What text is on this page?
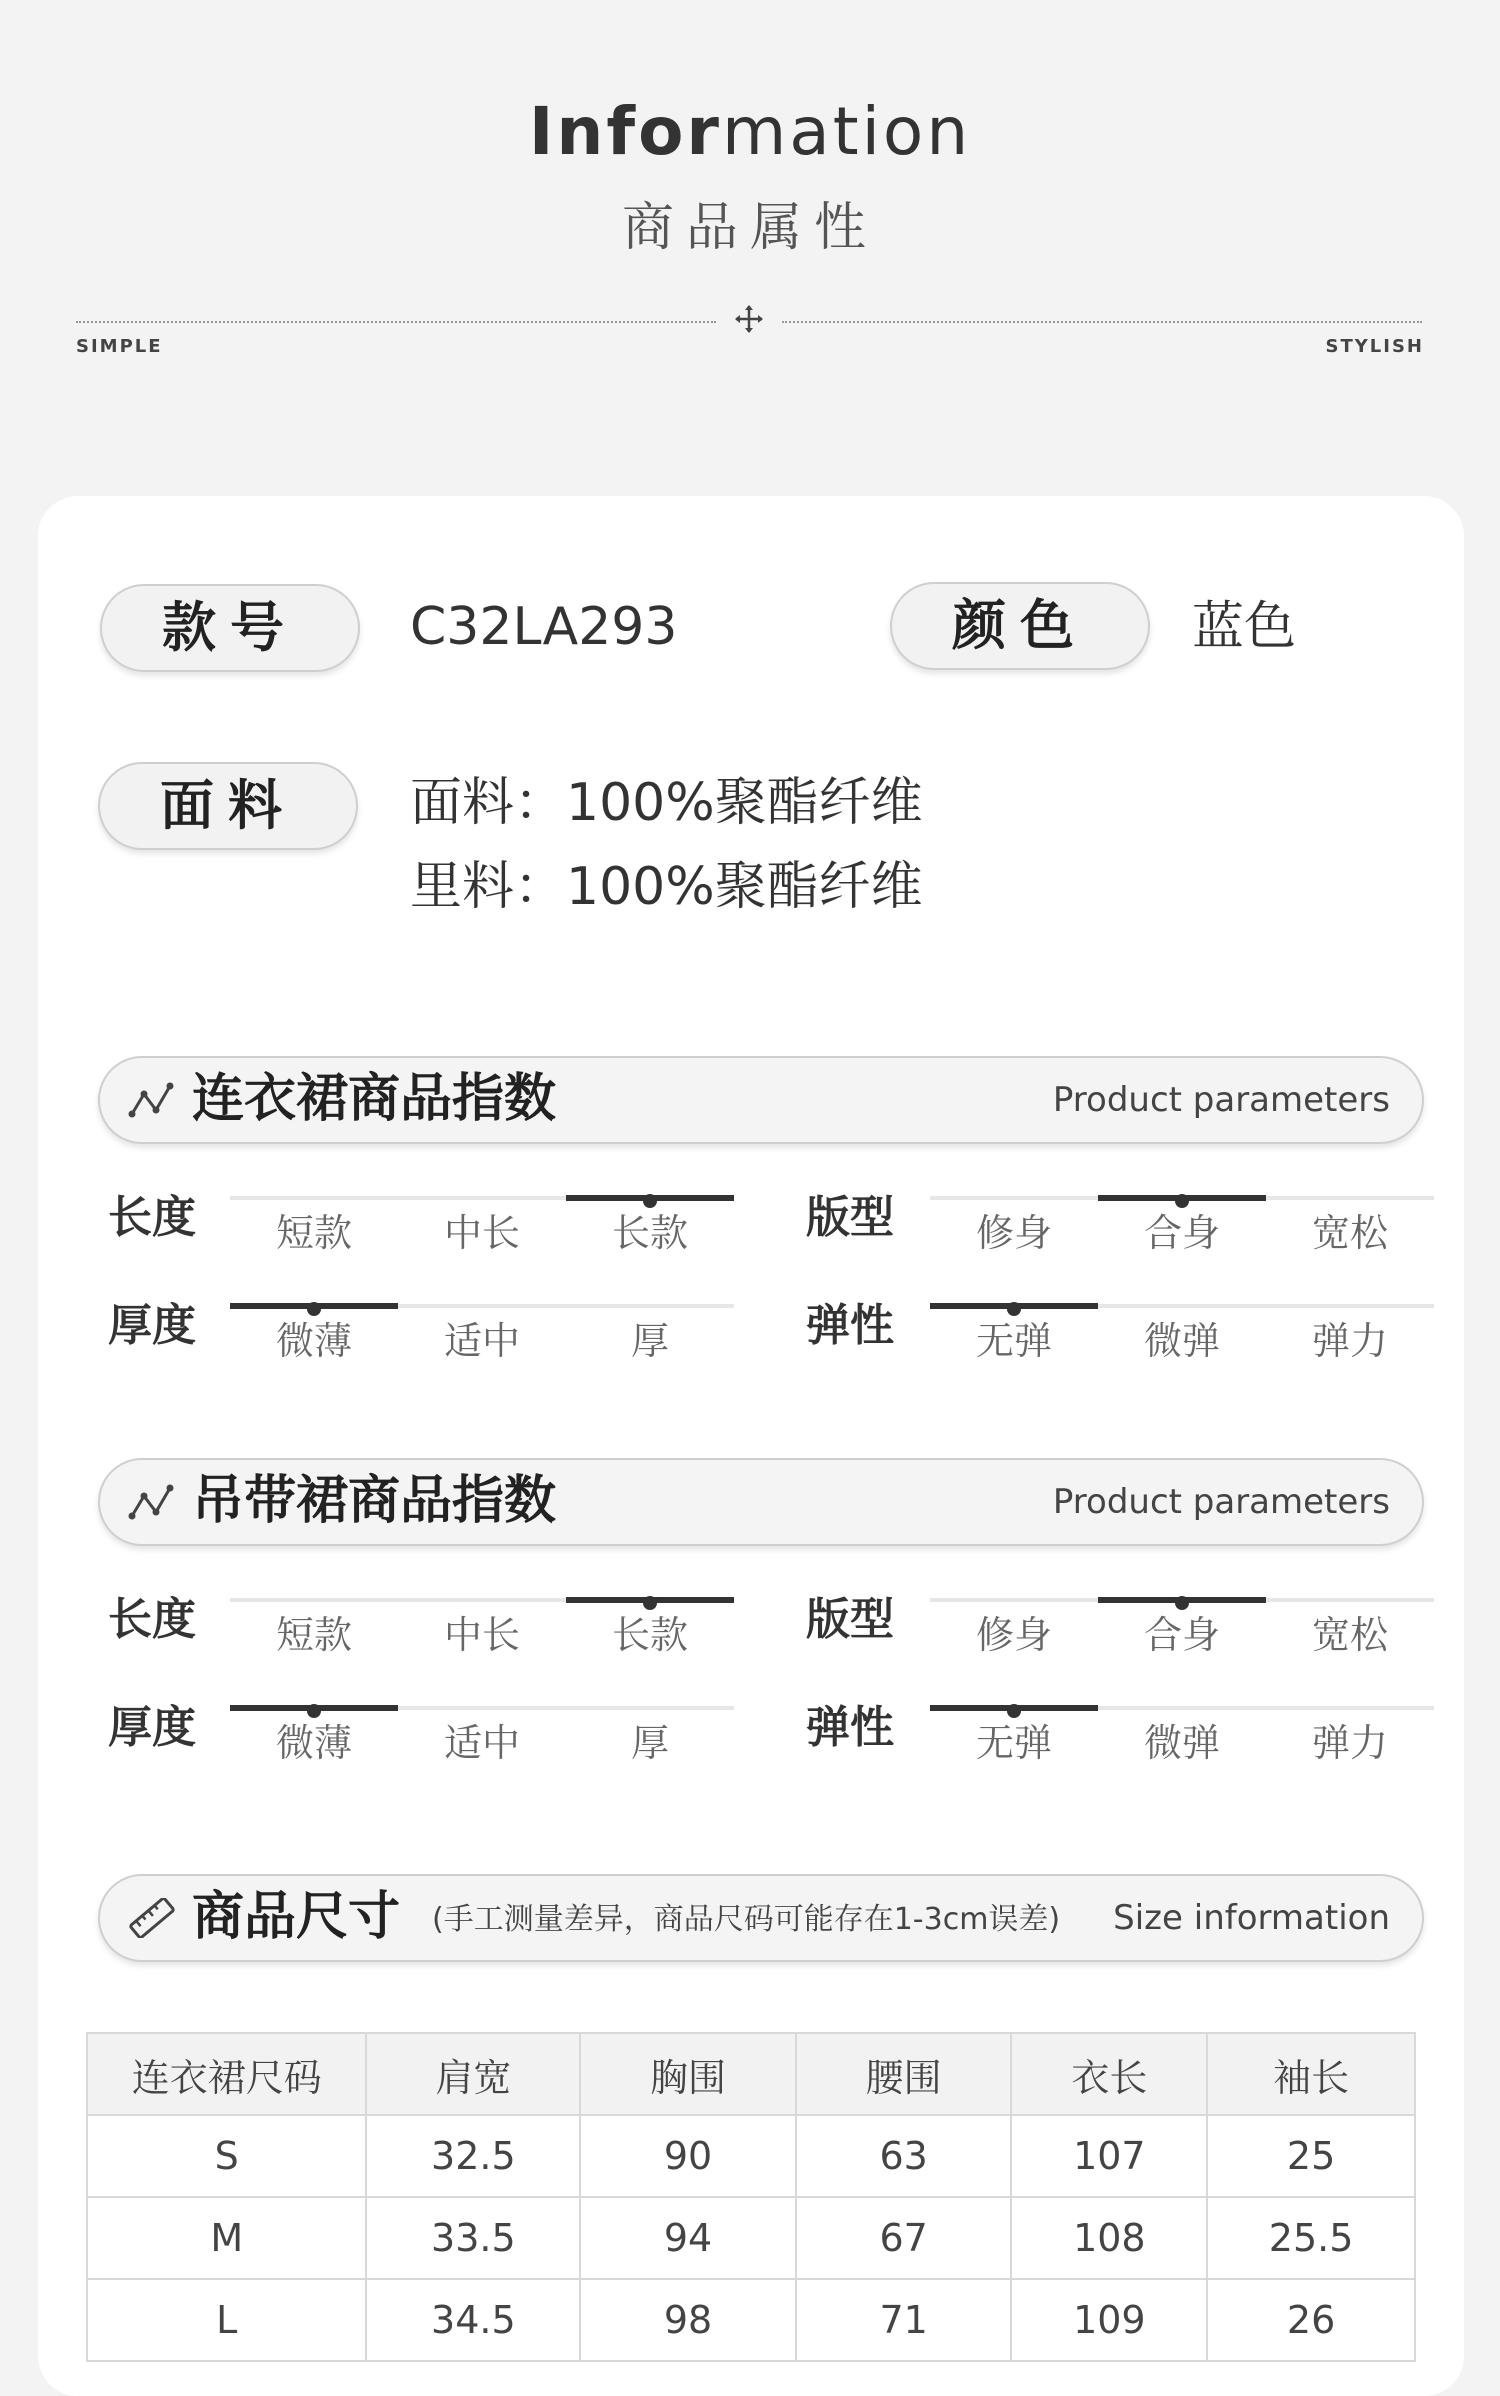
Information
商品属性
SIMPLE	STYLISH
款号	C32LA293	颜色	蓝色
面料	面料：100%聚酯纤维
里料：100%聚酯纤维
连衣裙商品指数	Product parameters
长度	短款	中长	长款	版型	修身	合身	宽松
厚度	微薄	适中	厚	弹性	无弹	微弹	弹力
吊带裙商品指数	Product parameters
长度	短款	中长	长款	版型	修身	合身	宽松
厚度	微薄	适中	厚	弹性	无弹	微弹	弹力
商品尺寸 (手工测量差异，商品尺码可能存在1-3cm误差) Size information
连衣裙尺码	肩宽	胸围	腰围	衣长	袖长
S	32.5	90	63	107	25
M	33.5	94	67	108	25.5
L	34.5	98	71	109	26
